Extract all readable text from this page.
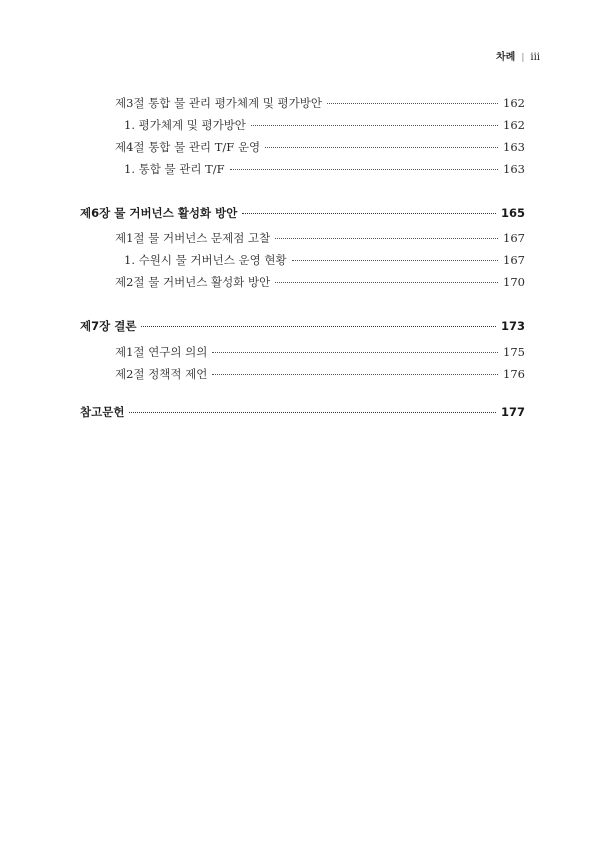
차례 | iii
제3절 통합 물 관리 평가체계 및 평가방안	162
1. 평가체계 및 평가방안	162
제4절 통합 물 관리 T/F 운영	163
1. 통합 물 관리 T/F	163
제6장 물 거버넌스 활성화 방안	165
제1절 물 거버넌스 문제점 고찰	167
1. 수원시 물 거버넌스 운영 현황	167
제2절 물 거버넌스 활성화 방안	170
제7장 결론	173
제1절 연구의 의의	175
제2절 정책적 제언	176
참고문헌	177
